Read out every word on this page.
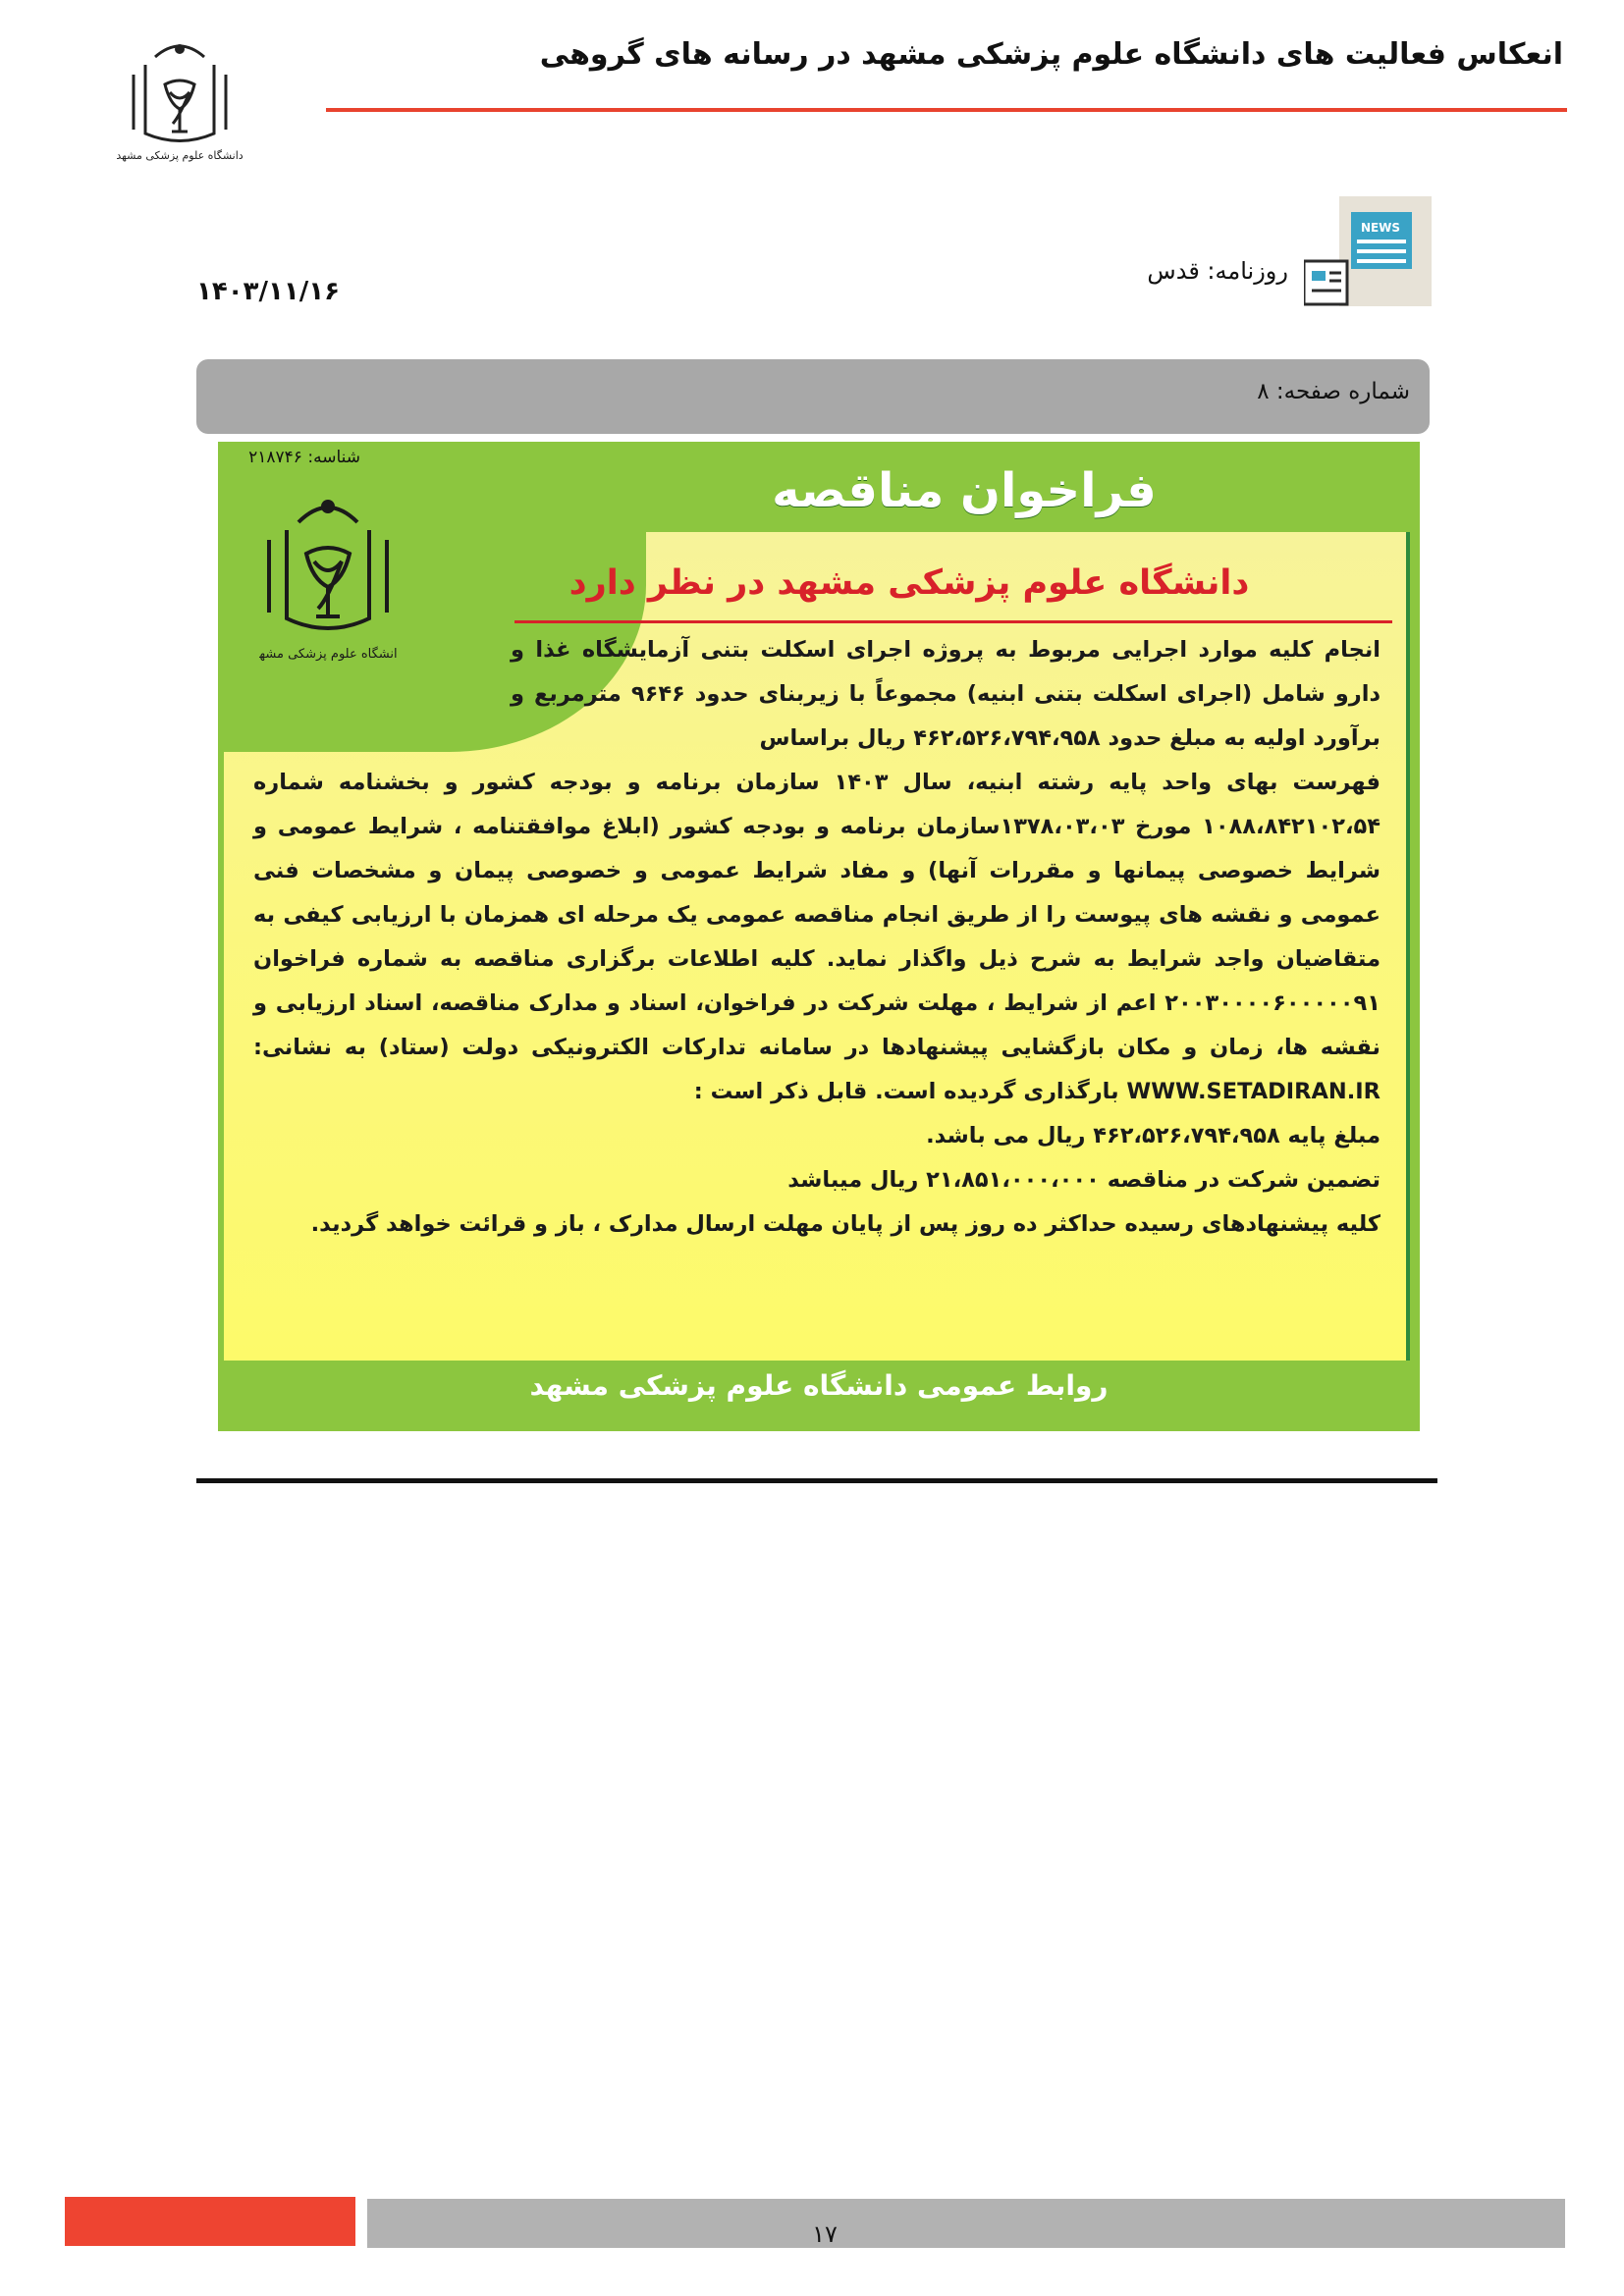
دانشگاه علوم پزشکی مشهد
انعکاس فعالیت های دانشگاه علوم پزشکی مشهد در رسانه های گروهی
NEWS
روزنامه: قدس
۱۴۰۳/۱۱/۱۶
شماره صفحه: ۸
شناسه: ۲۱۸۷۴۶
دانشگاه علوم پزشکی مشهد
فراخوان مناقصه
دانشگاه علوم پزشکی مشهد در نظر دارد

انجام کلیه موارد اجرایی مربوط به پروژه اجرای اسکلت بتنی آزمایشگاه غذا و دارو شامل (اجرای اسکلت بتنی ابنیه) مجموعاً با زیربنای حدود ۹۶۴۶ مترمربع و برآورد اولیه به مبلغ حدود ۴۶۲،۵۲۶،۷۹۴،۹۵۸ ریال براساس

فهرست بهای واحد پایه رشته ابنیه، سال ۱۴۰۳ سازمان برنامه و بودجه کشور و بخشنامه شماره ۱۰۸۸،۸۴۲۱۰۲،۵۴ مورخ ۱۳۷۸،۰۳،۰۳سازمان برنامه و بودجه کشور (ابلاغ موافقتنامه ، شرایط عمومی و شرایط خصوصی پیمانها و مقررات آنها) و مفاد شرایط عمومی و خصوصی پیمان و مشخصات فنی عمومی و نقشه های پیوست را از طریق انجام مناقصه عمومی یک مرحله ای همزمان با ارزیابی کیفی به متقاضیان واجد شرایط به شرح ذیل واگذار نماید. کلیه اطلاعات برگزاری مناقصه به شماره فراخوان ۲۰۰۳۰۰۰۰۶۰۰۰۰۰۹۱ اعم از شرایط ، مهلت شرکت در فراخوان، اسناد و مدارک مناقصه، اسناد ارزیابی و نقشه ها، زمان و مکان بازگشایی پیشنهادها در سامانه تدارکات الکترونیکی دولت (ستاد) به نشانی: WWW.SETADIRAN.IR بارگذاری گردیده است. قابل ذکر است :
مبلغ پایه ۴۶۲،۵۲۶،۷۹۴،۹۵۸ ریال می باشد.
تضمین شرکت در مناقصه ۲۱،۸۵۱،۰۰۰،۰۰۰ ریال میباشد

کلیه پیشنهادهای رسیده حداکثر ده روز پس از پایان مهلت ارسال مدارک ، باز و قرائت خواهد گردید.
روابط عمومی دانشگاه علوم پزشکی مشهد
۱۷
